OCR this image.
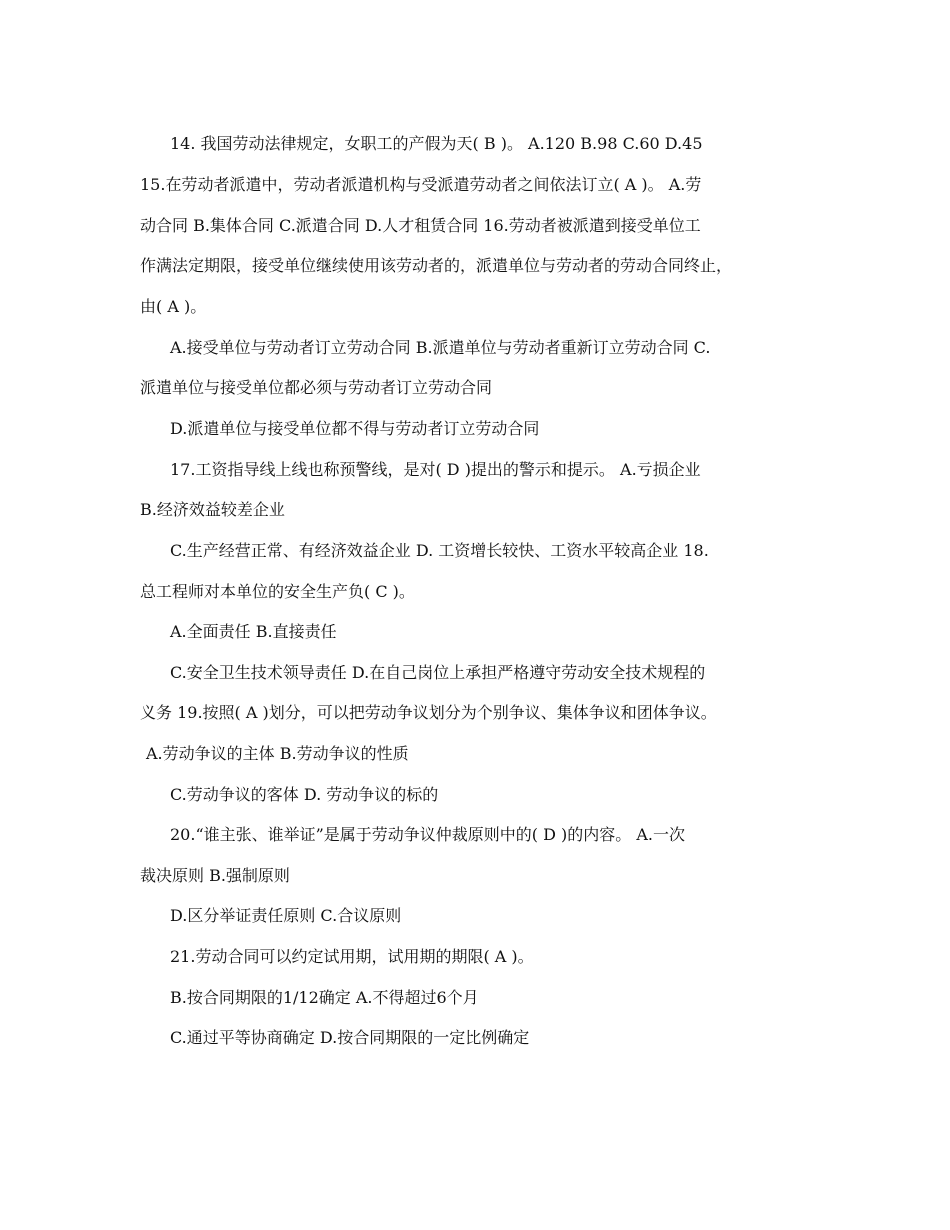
14. 我国劳动法律规定，女职工的产假为天( B )。 A.120 B.98 C.60 D.45
15.在劳动者派遣中，劳动者派遣机构与受派遣劳动者之间依法订立( A )。 A.劳
动合同 B.集体合同 C.派遣合同 D.人才租赁合同 16.劳动者被派遣到接受单位工
作满法定期限，接受单位继续使用该劳动者的，派遣单位与劳动者的劳动合同终止，
由( A )。
A.接受单位与劳动者订立劳动合同 B.派遣单位与劳动者重新订立劳动合同 C.
派遣单位与接受单位都必须与劳动者订立劳动合同
D.派遣单位与接受单位都不得与劳动者订立劳动合同
17.工资指导线上线也称预警线，是对( D )提出的警示和提示。 A.亏损企业
B.经济效益较差企业
C.生产经营正常、有经济效益企业 D. 工资增长较快、工资水平较高企业 18.
总工程师对本单位的安全生产负( C )。
A.全面责任 B.直接责任
C.安全卫生技术领导责任 D.在自己岗位上承担严格遵守劳动安全技术规程的
义务 19.按照( A )划分，可以把劳动争议划分为个别争议、集体争议和团体争议。
A.劳动争议的主体 B.劳动争议的性质
C.劳动争议的客体 D. 劳动争议的标的
20.“谁主张、谁举证”是属于劳动争议仲裁原则中的( D )的内容。 A.一次
裁决原则 B.强制原则
D.区分举证责任原则 C.合议原则
21.劳动合同可以约定试用期，试用期的期限( A )。
B.按合同期限的1/12确定 A.不得超过6个月
C.通过平等协商确定 D.按合同期限的一定比例确定
